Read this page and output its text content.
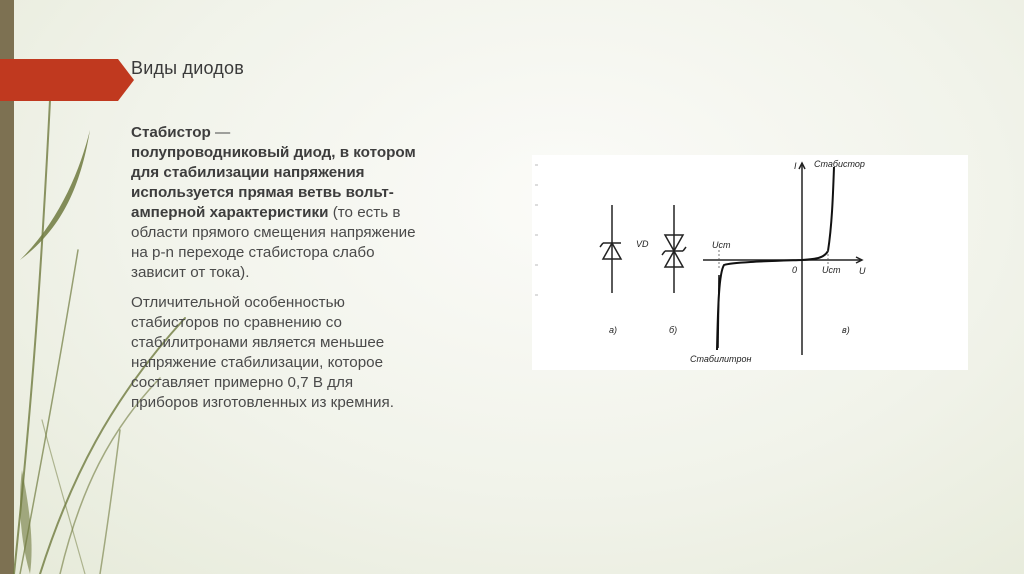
Виды диодов

Стабистор —
полупроводниковый диод, в котором для стабилизации напряжения используется прямая ветвь вольт-амперной характеристики (то есть в области прямого смещения напряжение на p-n переходе стабистора слабо зависит от тока).

Отличительной особенностью стабисторов по сравнению со стабилитронами является меньшее напряжение стабилизации, которое составляет примерно 0,7 В для приборов изготовленных из кремния.

VD
а)	б)
I
U
0
Uст
Uст
Стабистор
Стабилитрон
в)
